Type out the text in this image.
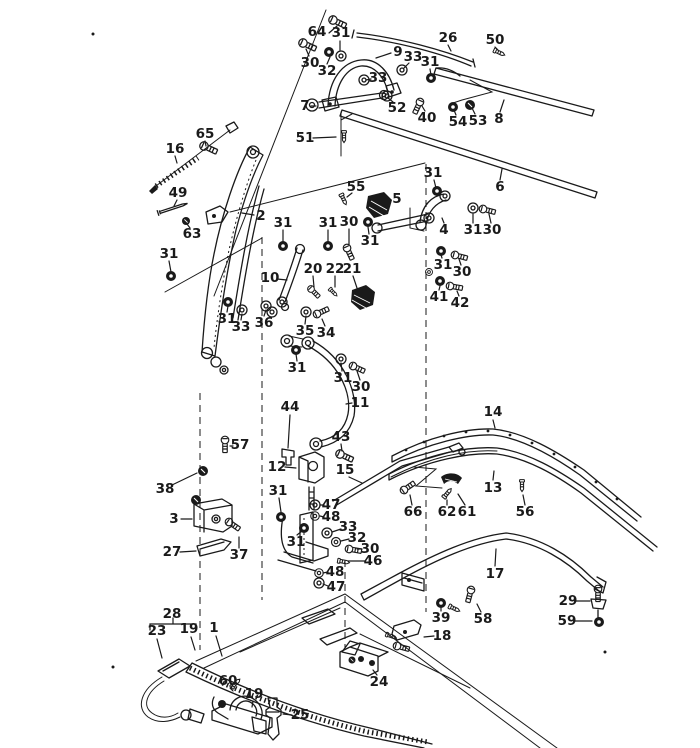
64 31
30
32
9 33
31
26 50
33
7	52
40 54 53 8
51
6
65
16
49
63
2
31
55
5
31
31 31 30
31
4 31 30
31 30
41 42
20 22
21
10
31
33 36 35 34
31
31
30
44	11
43
12	15
31
47
48
33
32
31	30
46
48
47
14
13
66 62 61	56
57
38
3
27	37
17
39 58
18
29
59
28
23 19 1
60
19
25
24
